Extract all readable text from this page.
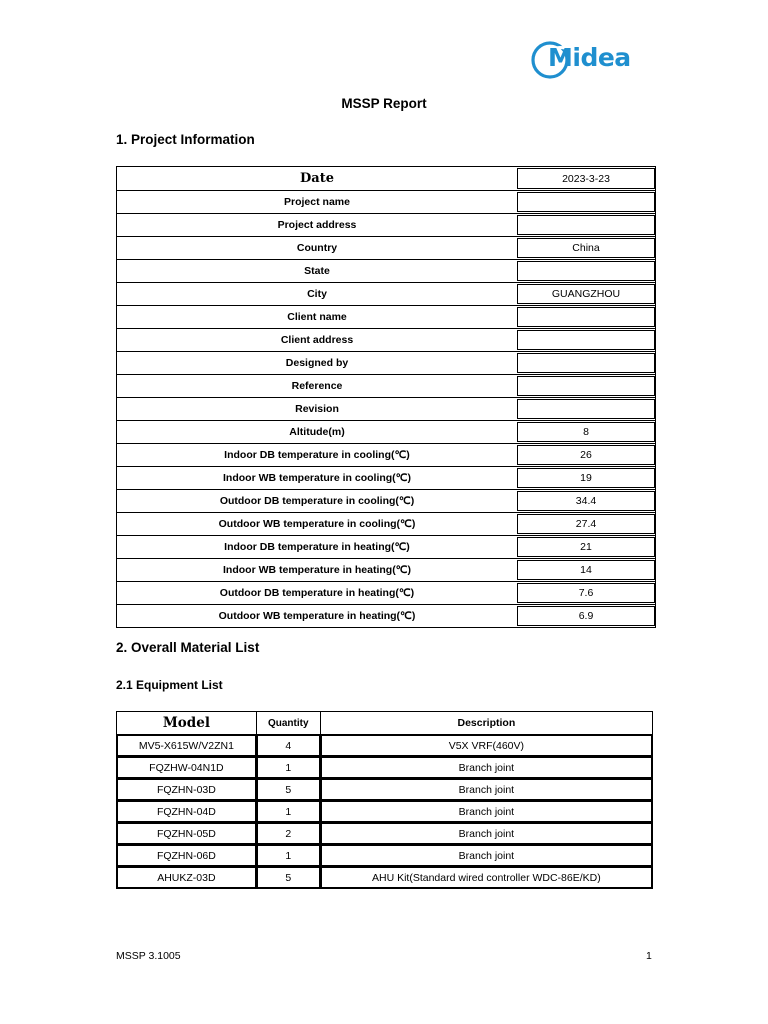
Midea
MSSP Report
1. Project Information
Date	2023-3-23
Project name
Project address
Country	China
State
City	GUANGZHOU
Client name
Client address
Designed by
Reference
Revision
Altitude(m)	8
Indoor DB temperature in cooling(℃)	26
Indoor WB temperature in cooling(℃)	19
Outdoor DB temperature in cooling(℃)	34.4
Outdoor WB temperature in cooling(℃)	27.4
Indoor DB temperature in heating(℃)	21
Indoor WB temperature in heating(℃)	14
Outdoor DB temperature in heating(℃)	7.6
Outdoor WB temperature in heating(℃)	6.9
2. Overall Material List
2.1 Equipment List
Model	Quantity	Description
MV5-X615W/V2ZN1	4	V5X VRF(460V)
FQZHW-04N1D	1	Branch joint
FQZHN-03D	5	Branch joint
FQZHN-04D	1	Branch joint
FQZHN-05D	2	Branch joint
FQZHN-06D	1	Branch joint
AHUKZ-03D	5	AHU Kit(Standard wired controller WDC-86E/KD)
MSSP 3.1005	1
